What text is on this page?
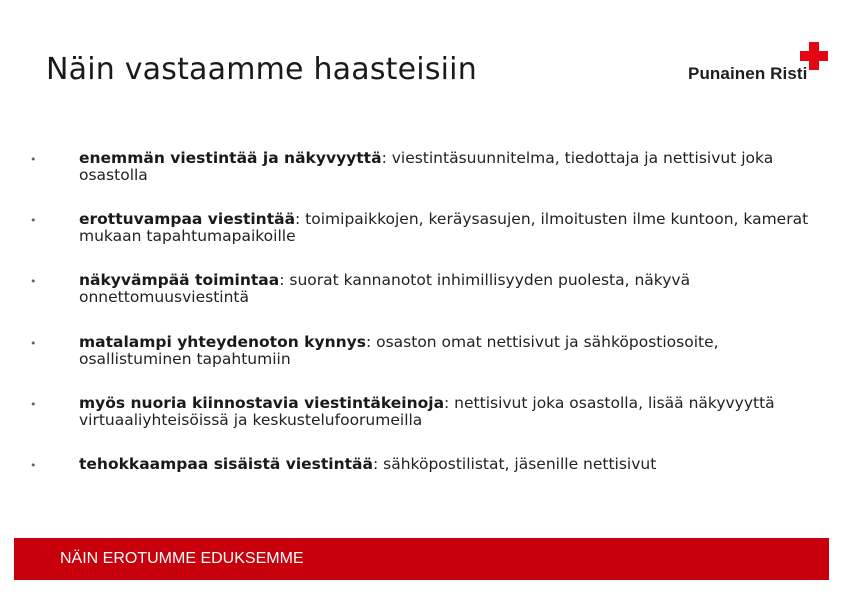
Näin vastaamme haasteisiin	Punainen Risti
•	enemmän viestintää ja näkyvyyttä: viestintäsuunnitelma, tiedottaja ja nettisivut joka osastolla
•	erottuvampaa viestintää: toimipaikkojen, keräysasujen, ilmoitusten ilme kuntoon, kamerat mukaan tapahtumapaikoille
•	näkyvämpää toimintaa: suorat kannanotot inhimillisyyden puolesta, näkyvä onnettomuusviestintä
•	matalampi yhteydenoton kynnys: osaston omat nettisivut ja sähköpostiosoite, osallistuminen tapahtumiin
•	myös nuoria kiinnostavia viestintäkeinoja: nettisivut joka osastolla, lisää näkyvyyttä virtuaaliyhteisöissä ja keskustelufoorumeilla
•	tehokkaampaa sisäistä viestintää: sähköpostilistat, jäsenille nettisivut
NÄIN EROTUMME EDUKSEMME
